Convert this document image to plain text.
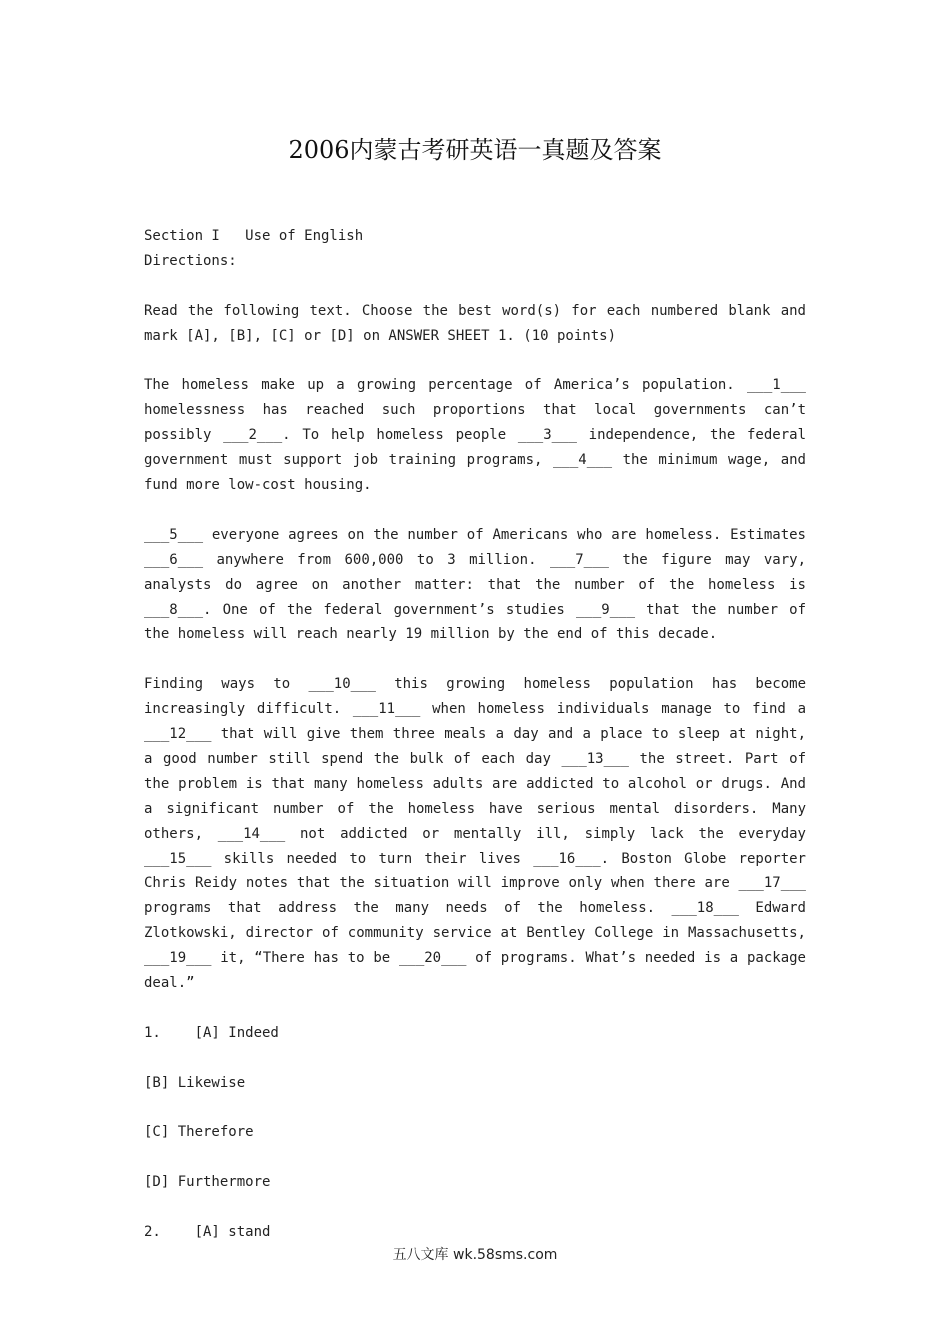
2006内蒙古考研英语一真题及答案
Section I   Use of English
Directions:

Read the following text. Choose the best word(s) for each numbered blank and mark [A], [B], [C] or [D] on ANSWER SHEET 1. (10 points)

The homeless make up a growing percentage of America’s population. ___1___ homelessness has reached such proportions that local governments can’t possibly ___2___. To help homeless people ___3___ independence, the federal government must support job training programs, ___4___ the minimum wage, and fund more low-cost housing.

___5___ everyone agrees on the number of Americans who are homeless. Estimates ___6___ anywhere from 600,000 to 3 million. ___7___ the figure may vary, analysts do agree on another matter: that the number of the homeless is ___8___. One of the federal government’s studies ___9___ that the number of the homeless will reach nearly 19 million by the end of this decade.

Finding ways to ___10___ this growing homeless population has become increasingly difficult. ___11___ when homeless individuals manage to find a ___12___ that will give them three meals a day and a place to sleep at night, a good number still spend the bulk of each day ___13___ the street. Part of the problem is that many homeless adults are addicted to alcohol or drugs. And a significant number of the homeless have serious mental disorders. Many others, ___14___ not addicted or mentally ill, simply lack the everyday ___15___ skills needed to turn their lives ___16___. Boston Globe reporter Chris Reidy notes that the situation will improve only when there are ___17___ programs that address the many needs of the homeless. ___18___ Edward Zlotkowski, director of community service at Bentley College in Massachusetts, ___19___ it, “There has to be ___20___ of programs. What’s needed is a package deal.”

1.    [A] Indeed
[B] Likewise
[C] Therefore
[D] Furthermore
2.    [A] stand
五八文库 wk.58sms.com
